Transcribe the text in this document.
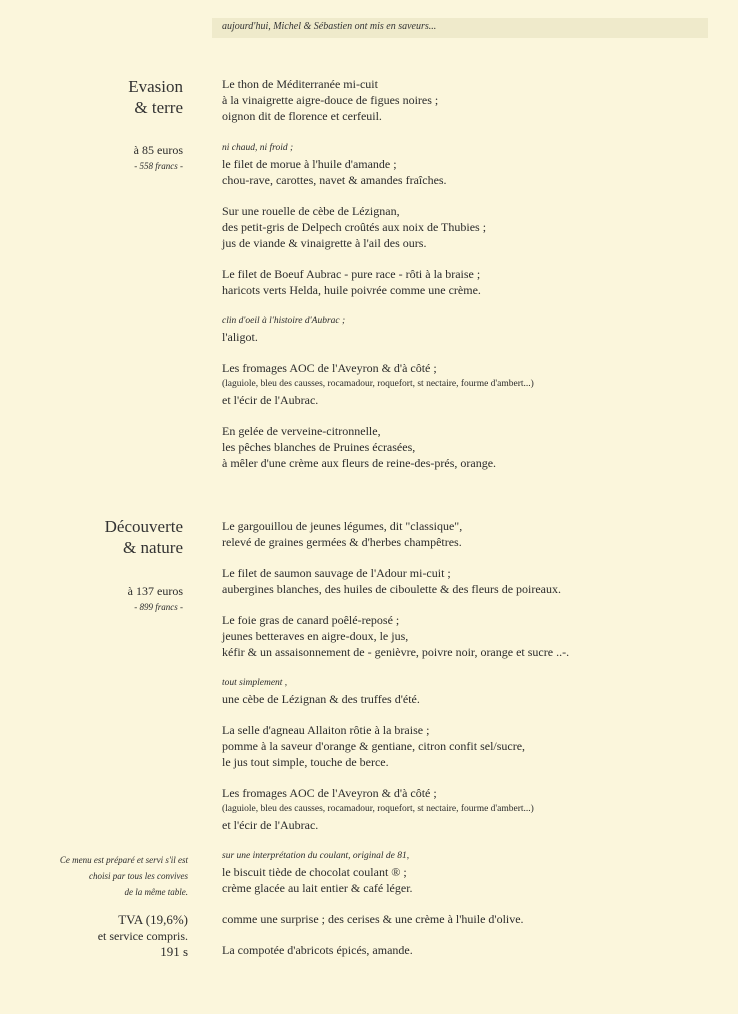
aujourd'hui, Michel & Sébastien ont mis en saveurs...
Evasion
& terre
à 85 euros
- 558 francs -
Le thon de Méditerranée mi-cuit
à la vinaigrette aigre-douce de figues noires ;
oignon dit de florence et cerfeuil.
ni chaud, ni froid ;
le filet de morue à l'huile d'amande ;
chou-rave, carottes, navet & amandes fraîches.
Sur une rouelle de cèbe de Lézignan,
des petit-gris de Delpech croûtés aux noix de Thubies ;
jus de viande & vinaigrette à l'ail des ours.
Le filet de Boeuf Aubrac - pure race - rôti à la braise ;
haricots verts Helda, huile poivrée comme une crème.
clin d'oeil à l'histoire d'Aubrac ;
l'aligot.
Les fromages AOC de l'Aveyron & d'à côté ;
(laguiole, bleu des causses, rocamadour, roquefort, st nectaire, fourme d'ambert...)
et l'écir de l'Aubrac.
En gelée de verveine-citronnelle,
les pêches blanches de Pruines écrasées,
à mêler d'une crème aux fleurs de reine-des-prés, orange.
Découverte
& nature
à 137 euros
- 899 francs -
Le gargouillou de jeunes légumes, dit "classique",
relevé de graines germées & d'herbes champêtres.
Le filet de saumon sauvage de l'Adour mi-cuit ;
aubergines blanches, des huiles de ciboulette & des fleurs de poireaux.
Le foie gras de canard poêlé-reposé ;
jeunes betteraves en aigre-doux, le jus,
kéfir & un assaisonnement de - genièvre, poivre noir, orange et sucre ..-.
tout simplement ,
une cèbe de Lézignan & des truffes d'été.
La selle d'agneau Allaiton rôtie à la braise ;
pomme à la saveur d'orange & gentiane, citron confit sel/sucre,
le jus tout simple, touche de berce.
Les fromages AOC de l'Aveyron & d'à côté ;
(laguiole, bleu des causses, rocamadour, roquefort, st nectaire, fourme d'ambert...)
et l'écir de l'Aubrac.
sur une interprétation du coulant, original de 81,
le biscuit tiède de chocolat coulant ® ;
crème glacée au lait entier & café léger.
comme une surprise ; des cerises & une crème à l'huile d'olive.
La compotée d'abricots épicés, amande.
Ce menu est préparé et servi s'il est
choisi par tous les convives
de la même table.
TVA (19,6%)
et service compris.
191 s
